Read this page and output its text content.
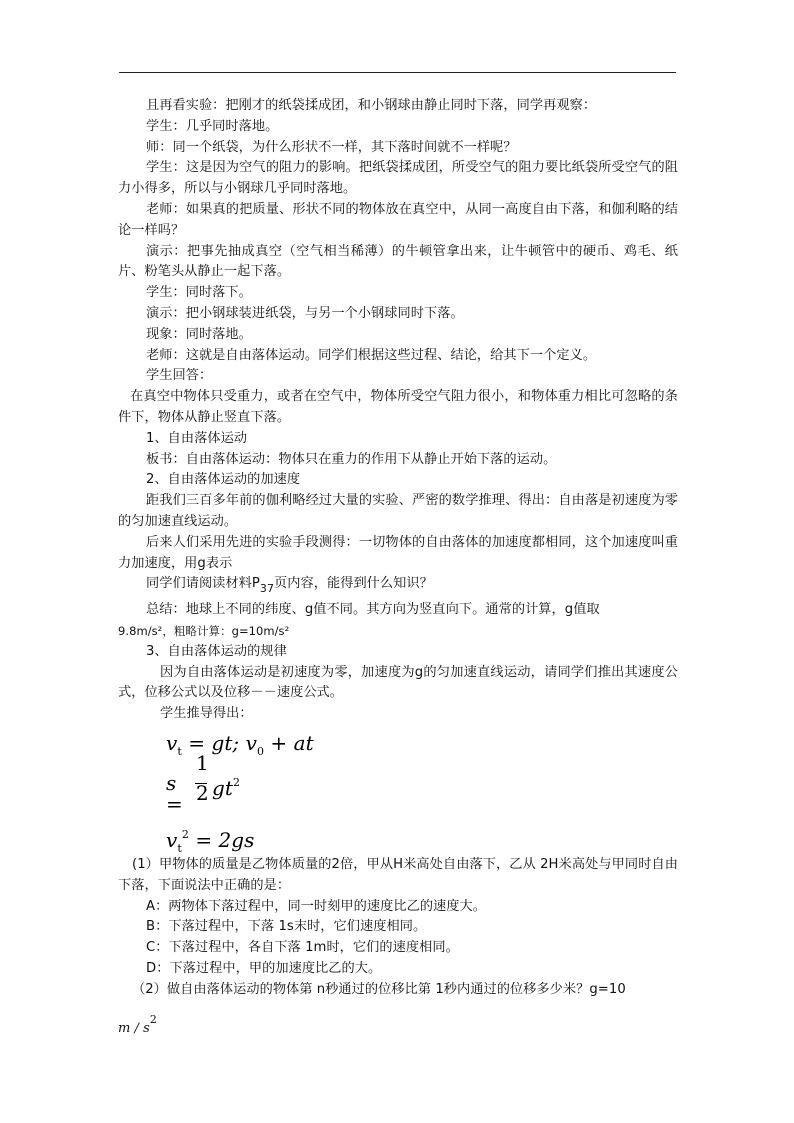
且再看实验：把刚才的纸袋揉成团，和小钢球由静止同时下落，同学再观察：

学生：几乎同时落地。

师：同一个纸袋，为什么形状不一样，其下落时间就不一样呢？

学生：这是因为空气的阻力的影响。把纸袋揉成团，所受空气的阻力要比纸袋所受空气的阻力小得多，所以与小钢球几乎同时落地。

老师：如果真的把质量、形状不同的物体放在真空中，从同一高度自由下落，和伽利略的结论一样吗？

演示：把事先抽成真空（空气相当稀薄）的牛顿管拿出来，让牛顿管中的硬币、鸡毛、纸片、粉笔头从静止一起下落。

学生：同时落下。

演示：把小钢球装进纸袋，与另一个小钢球同时下落。

现象：同时落地。

老师：这就是自由落体运动。同学们根据这些过程、结论，给其下一个定义。

学生回答：

在真空中物体只受重力，或者在空气中，物体所受空气阻力很小，和物体重力相比可忽略的条件下，物体从静止竖直下落。

1、自由落体运动

板书：自由落体运动：物体只在重力的作用下从静止开始下落的运动。

2、自由落体运动的加速度

距我们三百多年前的伽利略经过大量的实验、严密的数学推理、得出：自由落是初速度为零的匀加速直线运动。

后来人们采用先进的实验手段测得：一切物体的自由落体的加速度都相同，这个加速度叫重力加速度，用g表示

同学们请阅读材料$P_{37}$页内容，能得到什么知识？

总结：地球上不同的纬度、g值不同。其方向为竖直向下。通常的计算，g值取

9.8m/s²，粗略计算：g=10m/s²

3、自由落体运动的规律

因为自由落体运动是初速度为零，加速度为g的匀加速直线运动，请同学们推出其速度公式，位移公式以及位移－－速度公式。

学生推导得出：

$v_t$ = gt; $v_0$ + at
s =
1
2 $gt^2$
$v_t^2 = 2gs$

(1）甲物体的质量是乙物体质量的2倍，甲从H米高处自由落下，乙从 2H米高处与甲同时自由下落，下面说法中正确的是：

A：两物体下落过程中，同一时刻甲的速度比乙的速度大。

B：下落过程中，下落 1s末时，它们速度相同。

C：下落过程中，各自下落 1m时，它们的速度相同。

D：下落过程中，甲的加速度比乙的大。

（2）做自由落体运动的物体第 n秒通过的位移比第 1秒内通过的位移多少米？g=10

m / $s^2$
